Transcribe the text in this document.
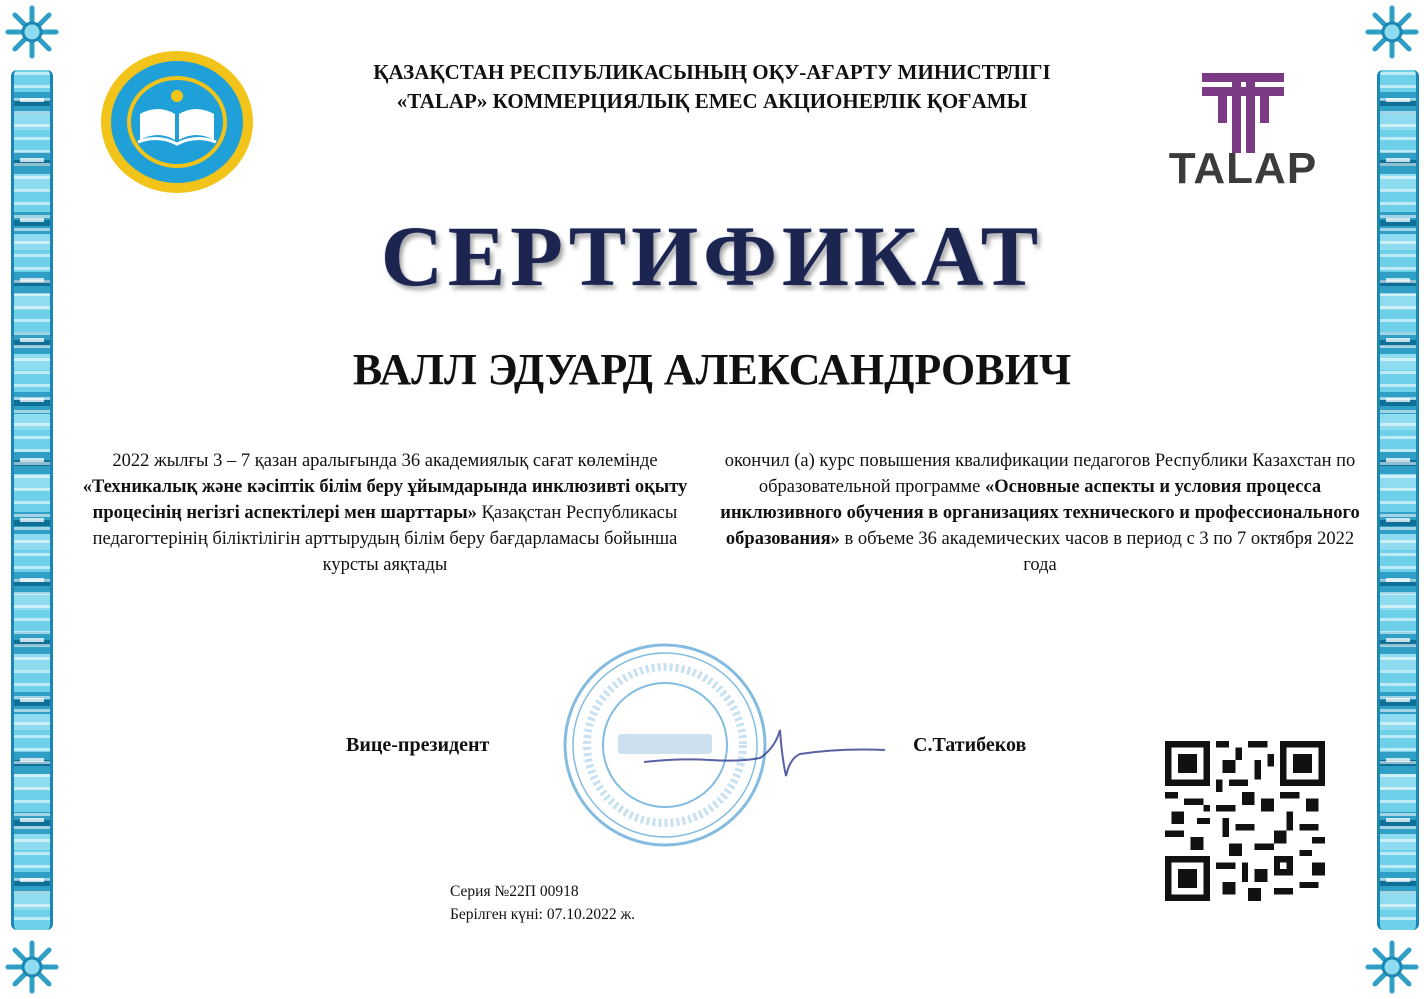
ҚАЗАҚСТАН РЕСПУБЛИКАСЫНЫҢ ОҚУ-АҒАРТУ МИНИСТРЛІГІ
«TALAP» КОММЕРЦИЯЛЫҚ ЕМЕС АКЦИОНЕРЛІК ҚОҒАМЫ
TALAP
СЕРТИФИКАТ
ВАЛЛ ЭДУАРД АЛЕКСАНДРОВИЧ
2022 жылғы 3 – 7 қазан аралығында 36 академиялық сағат көлемінде «Техникалық және кәсіптік білім беру ұйымдарында инклюзивті оқыту процесінің негізгі аспектілері мен шарттары» Қазақстан Республикасы педагогтерінің біліктілігін арттырудың білім беру бағдарламасы бойынша курсты аяқтады
окончил (а) курс повышения квалификации педагогов Республики Казахстан по образовательной программе «Основные аспекты и условия процесса инклюзивного обучения в организациях технического и профессионального образования» в объеме 36 академических часов в период с 3 по 7 октября 2022 года
Вице-президент	С.Татибеков
Серия №22П 00918
Берілген күні: 07.10.2022 ж.
